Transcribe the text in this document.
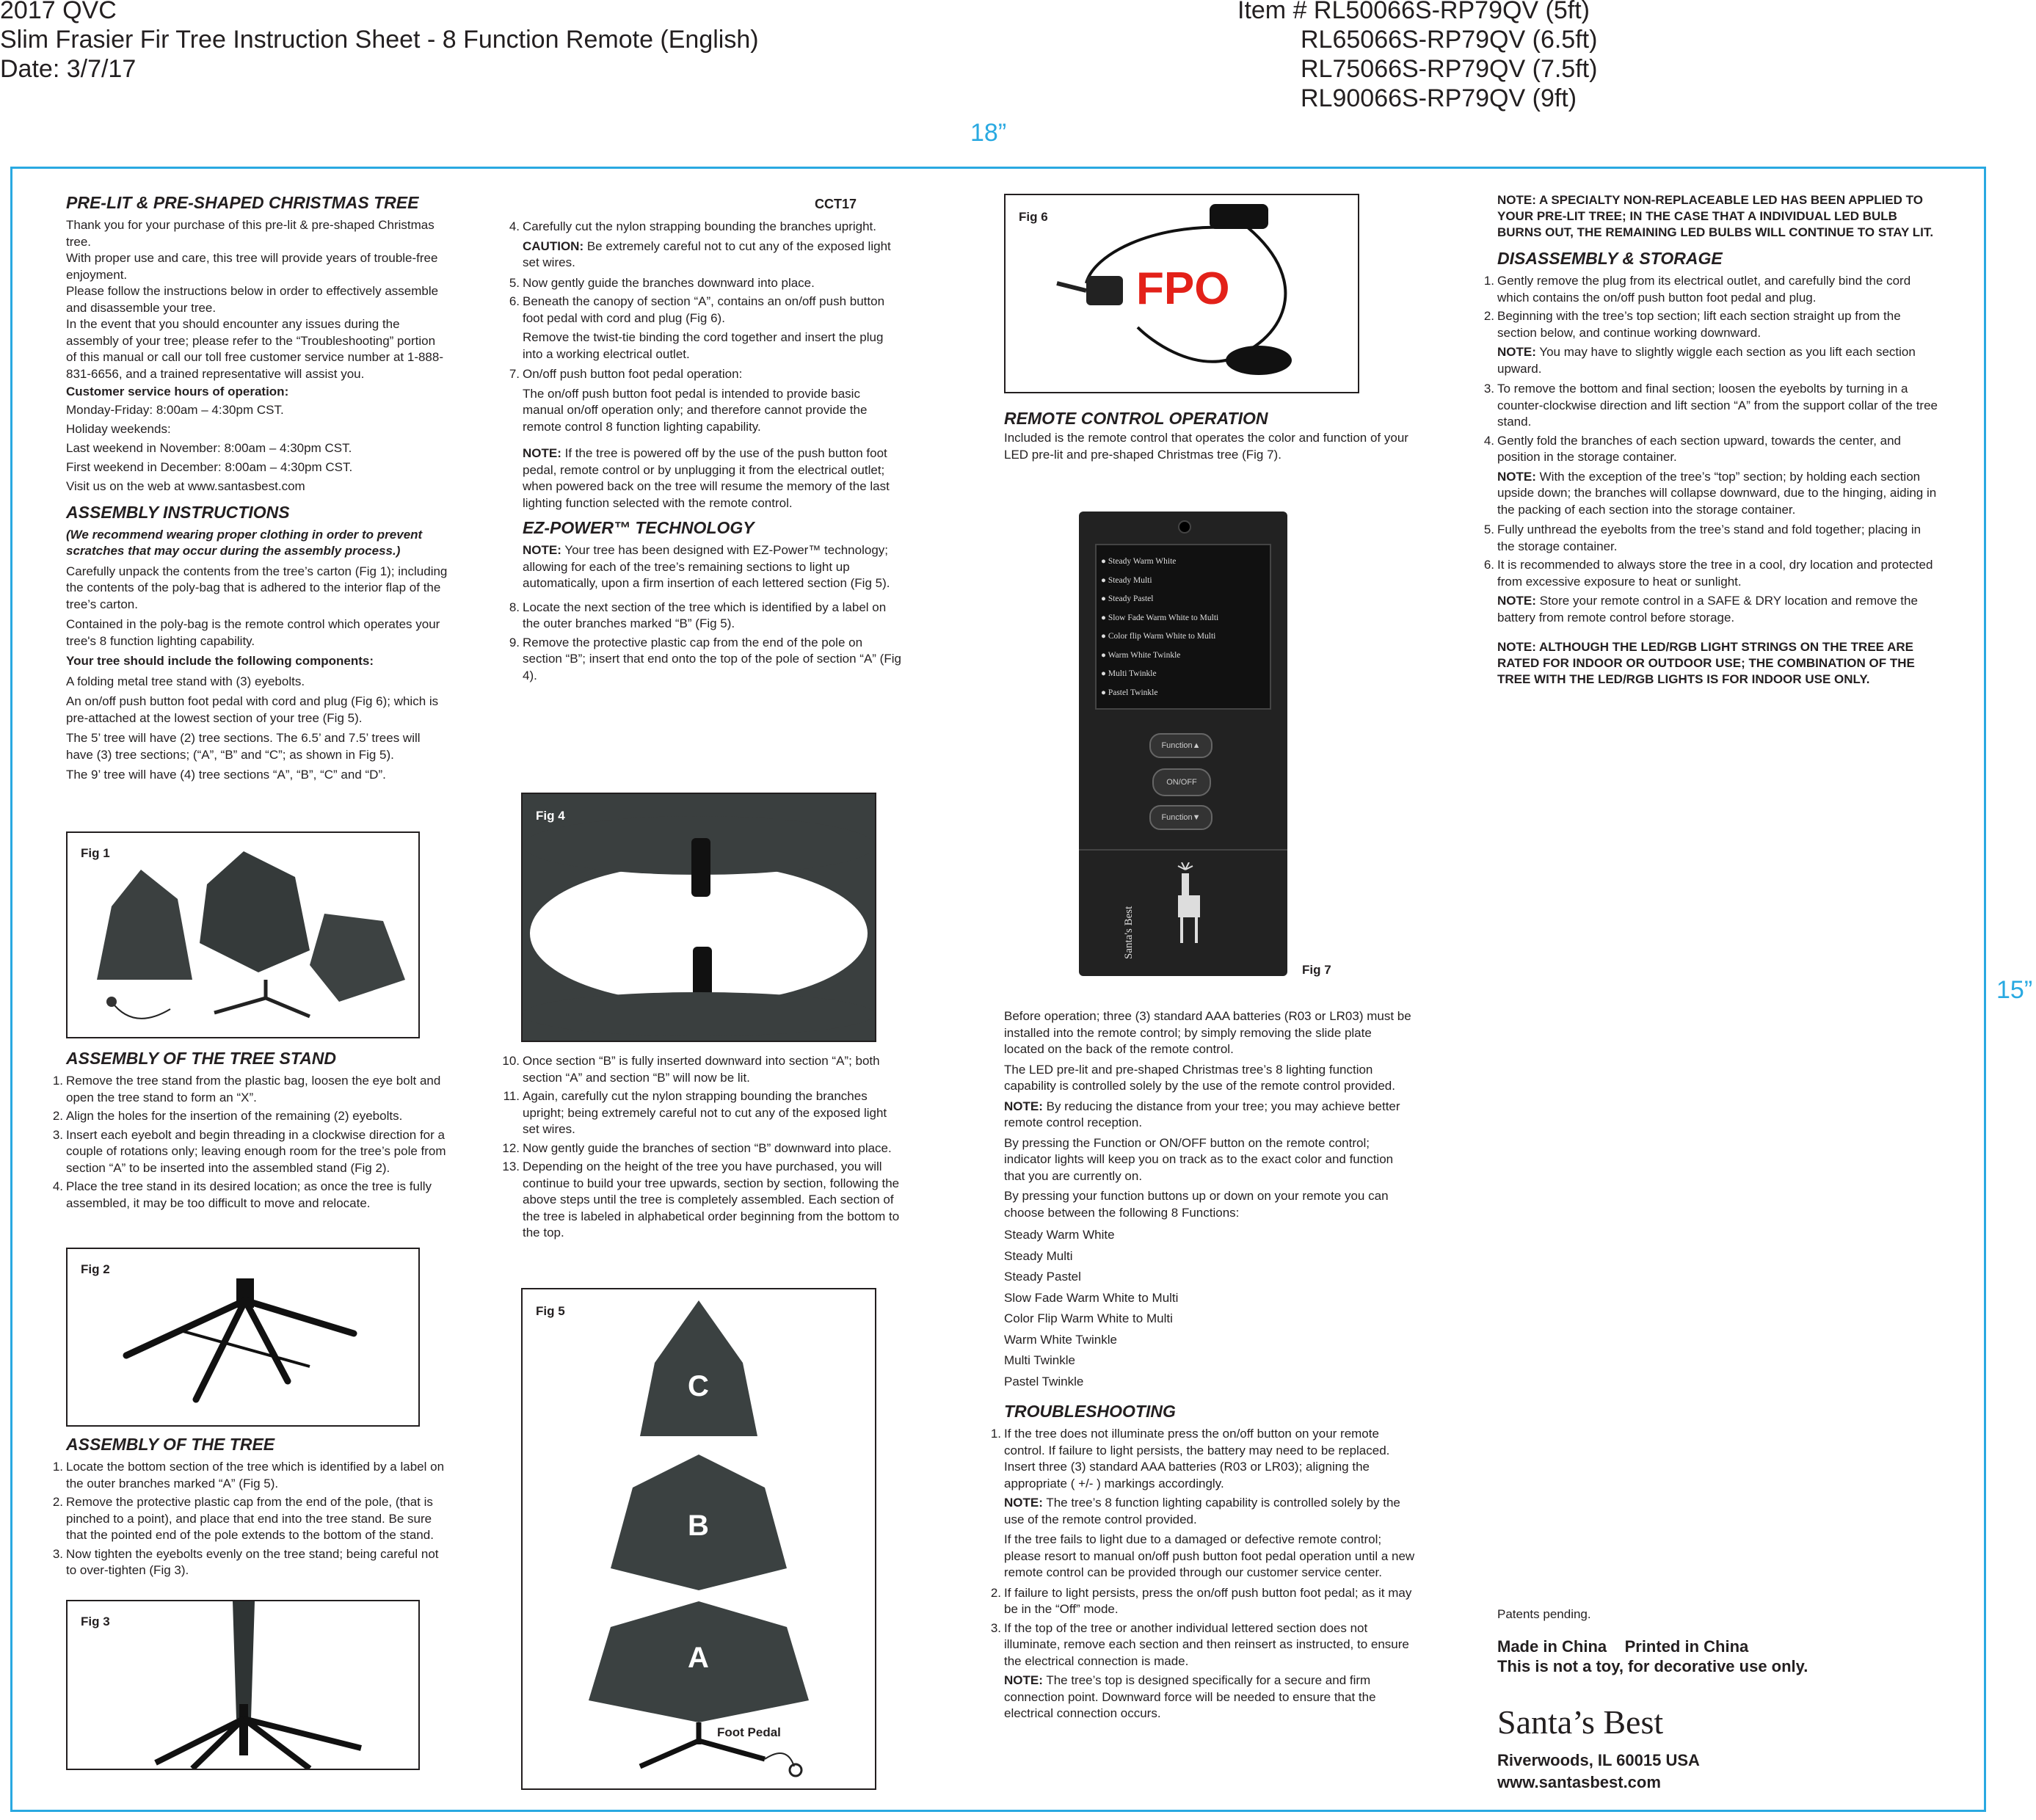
2017 QVC
Slim Frasier Fir Tree Instruction Sheet - 8 Function Remote (English)
Date: 3/7/17
Item # RL50066S-RP79QV (5ft)
RL65066S-RP79QV (6.5ft)
RL75066S-RP79QV (7.5ft)
RL90066S-RP79QV (9ft)
18”
15”
PRE-LIT & PRE-SHAPED CHRISTMAS TREE

Thank you for your purchase of this pre-lit & pre-shaped Christmas tree.

With proper use and care, this tree will provide years of trouble-free enjoyment.

Please follow the instructions below in order to effectively assemble and disassemble your tree.

In the event that you should encounter any issues during the assembly of your tree; please refer to the “Troubleshooting” portion of this manual or call our toll free customer service number at 1-888-831-6656, and a trained representative will assist you.

Customer service hours of operation:

Monday-Friday: 8:00am – 4:30pm CST.

Holiday weekends:

Last weekend in November: 8:00am – 4:30pm CST.

First weekend in December: 8:00am – 4:30pm CST.

Visit us on the web at www.santasbest.com

ASSEMBLY INSTRUCTIONS

(We recommend wearing proper clothing in order to prevent scratches that may occur during the assembly process.)

Carefully unpack the contents from the tree’s carton (Fig 1); including the contents of the poly-bag that is adhered to the interior flap of the tree’s carton.

Contained in the poly-bag is the remote control which operates your tree's 8 function lighting capability.

Your tree should include the following components:

A folding metal tree stand with (3) eyebolts.

An on/off push button foot pedal with cord and plug (Fig 6); which is pre-attached at the lowest section of your tree (Fig 5).

The 5’ tree will have (2) tree sections. The 6.5’ and 7.5’ trees will have (3) tree sections; (“A”, “B” and “C”; as shown in Fig 5).

The 9’ tree will have (4) tree sections “A”, “B”, “C” and “D”.

Fig 1
ASSEMBLY OF THE TREE STAND
1. Remove the tree stand from the plastic bag, loosen the eye bolt and open the tree stand to form an “X”.
2. Align the holes for the insertion of the remaining (2) eyebolts.
3. Insert each eyebolt and begin threading in a clockwise direction for a couple of rotations only; leaving enough room for the tree’s pole from section “A” to be inserted into the assembled stand (Fig 2).
4. Place the tree stand in its desired location; as once the tree is fully assembled, it may be too difficult to move and relocate.
Fig 2
ASSEMBLY OF THE TREE
1. Locate the bottom section of the tree which is identified by a label on the outer branches marked “A” (Fig 5).
2. Remove the protective plastic cap from the end of the pole, (that is pinched to a point), and place that end into the tree stand. Be sure that the pointed end of the pole extends to the bottom of the stand.
3. Now tighten the eyebolts evenly on the tree stand; being careful not to over-tighten (Fig 3).
Fig 3
CCT17
4. Carefully cut the nylon strapping bounding the branches upright.

CAUTION: Be extremely careful not to cut any of the exposed light set wires.

5. Now gently guide the branches downward into place.
6. Beneath the canopy of section “A”, contains an on/off push button foot pedal with cord and plug (Fig 6).

Remove the twist-tie binding the cord together and insert the plug into a working electrical outlet.

7. On/off push button foot pedal operation:

The on/off push button foot pedal is intended to provide basic manual on/off operation only; and therefore cannot provide the remote control 8 function lighting capability.

NOTE: If the tree is powered off by the use of the push button foot pedal, remote control or by unplugging it from the electrical outlet; when powered back on the tree will resume the memory of the last lighting function selected with the remote control.

EZ-POWER™ TECHNOLOGY

NOTE: Your tree has been designed with EZ-Power™ technology; allowing for each of the tree’s remaining sections to light up automatically, upon a firm insertion of each lettered section (Fig 5).

8. Locate the next section of the tree which is identified by a label on the outer branches marked “B” (Fig 5).
9. Remove the protective plastic cap from the end of the pole on section “B”; insert that end onto the top of the pole of section “A” (Fig 4).
Fig 4
10. Once section “B” is fully inserted downward into section “A”; both section “A” and section “B” will now be lit.
11. Again, carefully cut the nylon strapping bounding the branches upright; being extremely careful not to cut any of the exposed light set wires.
12. Now gently guide the branches of section “B” downward into place.
13. Depending on the height of the tree you have purchased, you will continue to build your tree upwards, section by section, following the above steps until the tree is completely assembled. Each section of the tree is labeled in alphabetical order beginning from the bottom to the top.
Fig 5
C
B
A
Foot Pedal
Fig 6
FPO
REMOTE CONTROL OPERATION

Included is the remote control that operates the color and function of your LED pre-lit and pre-shaped Christmas tree (Fig 7).

● Steady Warm White
● Steady Multi
● Steady Pastel
● Slow Fade Warm White to Multi
● Color flip Warm White to Multi
● Warm White Twinkle
● Multi Twinkle
● Pastel Twinkle
Function▲
ON/OFF
Function▼
Santa's Best
Fig 7

Before operation; three (3) standard AAA batteries (R03 or LR03) must be installed into the remote control; by simply removing the slide plate located on the back of the remote control.

The LED pre-lit and pre-shaped Christmas tree’s 8 lighting function capability is controlled solely by the use of the remote control provided.

NOTE: By reducing the distance from your tree; you may achieve better remote control reception.

By pressing the Function or ON/OFF button on the remote control; indicator lights will keep you on track as to the exact color and function that you are currently on.

By pressing your function buttons up or down on your remote you can choose between the following 8 Functions:

Steady Warm White
Steady Multi
Steady Pastel
Slow Fade Warm White to Multi
Color Flip Warm White to Multi
Warm White Twinkle
Multi Twinkle
Pastel Twinkle
TROUBLESHOOTING
1. If the tree does not illuminate press the on/off button on your remote control. If failure to light persists, the battery may need to be replaced. Insert three (3) standard AAA batteries (R03 or LR03); aligning the appropriate ( +/- ) markings accordingly.

NOTE: The tree’s 8 function lighting capability is controlled solely by the use of the remote control provided.

If the tree fails to light due to a damaged or defective remote control; please resort to manual on/off push button foot pedal operation until a new remote control can be provided through our customer service center.

2. If failure to light persists, press the on/off push button foot pedal; as it may be in the “Off” mode.
3. If the top of the tree or another individual lettered section does not illuminate, remove each section and then reinsert as instructed, to ensure the electrical connection is made.

NOTE: The tree’s top is designed specifically for a secure and firm connection point. Downward force will be needed to ensure that the electrical connection occurs.

NOTE: A SPECIALTY NON-REPLACEABLE LED HAS BEEN APPLIED TO YOUR PRE-LIT TREE; IN THE CASE THAT A INDIVIDUAL LED BULB BURNS OUT, THE REMAINING LED BULBS WILL CONTINUE TO STAY LIT.

DISASSEMBLY & STORAGE
1. Gently remove the plug from its electrical outlet, and carefully bind the cord which contains the on/off push button foot pedal and plug.
2. Beginning with the tree’s top section; lift each section straight up from the section below, and continue working downward.

NOTE: You may have to slightly wiggle each section as you lift each section upward.

3. To remove the bottom and final section; loosen the eyebolts by turning in a counter-clockwise direction and lift section “A” from the support collar of the tree stand.
4. Gently fold the branches of each section upward, towards the center, and position in the storage container.

NOTE: With the exception of the tree’s “top” section; by holding each section upside down; the branches will collapse downward, due to the hinging, aiding in the packing of each section into the storage container.

5. Fully unthread the eyebolts from the tree’s stand and fold together; placing in the storage container.
6. It is recommended to always store the tree in a cool, dry location and protected from excessive exposure to heat or sunlight.

NOTE: Store your remote control in a SAFE & DRY location and remove the battery from remote control before storage.

NOTE: ALTHOUGH THE LED/RGB LIGHT STRINGS ON THE TREE ARE RATED FOR INDOOR OR OUTDOOR USE; THE COMBINATION OF THE TREE WITH THE LED/RGB LIGHTS IS FOR INDOOR USE ONLY.

Patents pending.
Made in China Printed in China
This is not a toy, for decorative use only.
Santa’s Best
Riverwoods, IL 60015 USA
www.santasbest.com
